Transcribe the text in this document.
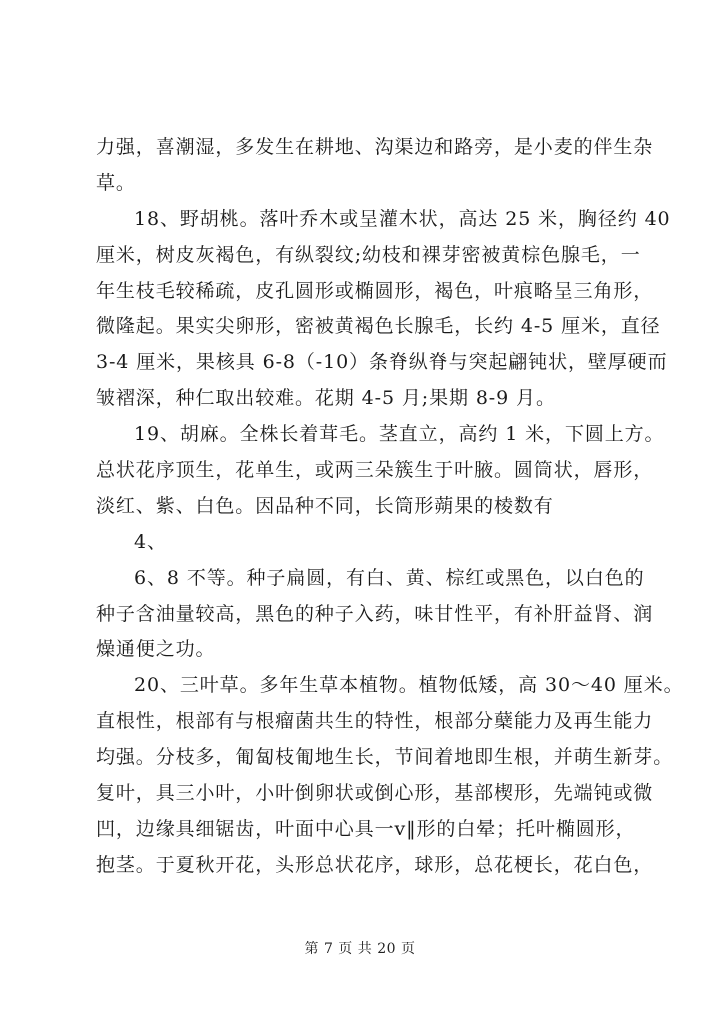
力强，喜潮湿，多发生在耕地、沟渠边和路旁，是小麦的伴生杂
草。
18、野胡桃。落叶乔木或呈灌木状，高达 25 米，胸径约 40
厘米，树皮灰褐色，有纵裂纹;幼枝和裸芽密被黄棕色腺毛，一
年生枝毛较稀疏，皮孔圆形或椭圆形，褐色，叶痕略呈三角形，
微隆起。果实尖卵形，密被黄褐色长腺毛，长约 4-5 厘米，直径
3-4 厘米，果核具 6-8（-10）条脊纵脊与突起翩钝状，壁厚硬而
皱褶深，种仁取出较难。花期 4-5 月;果期 8-9 月。
19、胡麻。全株长着茸毛。茎直立，高约 1 米，下圆上方。
总状花序顶生，花单生，或两三朵簇生于叶腋。圆筒状，唇形，
淡红、紫、白色。因品种不同，长筒形蒴果的棱数有
4、
6、8 不等。种子扁圆，有白、黄、棕红或黑色，以白色的
种子含油量较高，黑色的种子入药，味甘性平，有补肝益肾、润
燥通便之功。
20、三叶草。多年生草本植物。植物低矮，高 30～40 厘米。
直根性，根部有与根瘤菌共生的特性，根部分蘖能力及再生能力
均强。分枝多，匍匐枝匍地生长，节间着地即生根，并萌生新芽。
复叶，具三小叶，小叶倒卵状或倒心形，基部楔形，先端钝或微
凹，边缘具细锯齿，叶面中心具一v‖形的白晕；托叶椭圆形，
抱茎。于夏秋开花，头形总状花序，球形，总花梗长，花白色，
第 7 页 共 20 页
